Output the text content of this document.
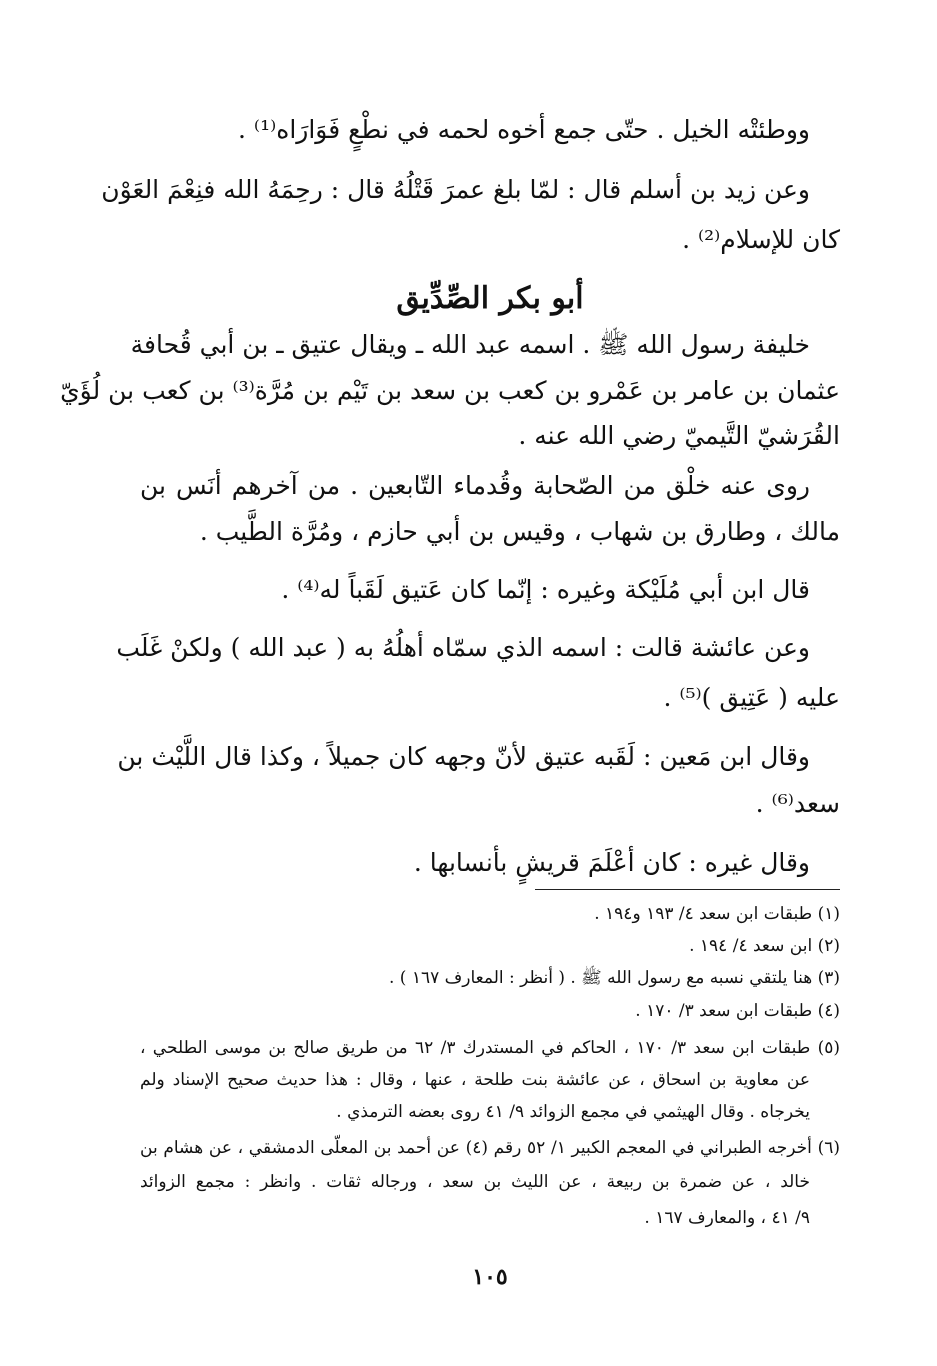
ووطئتْه الخيل . حتّى جمع أخوه لحمه في نطْعٍ فَوَارَاه⁽¹⁾ .
وعن زيد بن أسلم قال : لمّا بلغ عمرَ قَتْلُهُ قال : رحِمَهُ الله فنِعْمَ العَوْن
كان للإسلام⁽²⁾ .
أبو بكر الصِّدِّيق
خليفة رسول الله ﷺ . اسمه عبد الله ـ ويقال عتيق ـ بن أبي قُحافة
عثمان بن عامر بن عَمْرو بن كعب بن سعد بن تَيْم بن مُرَّة⁽³⁾ بن كعب بن لُؤَيّ
القُرَشيّ التَّيميّ رضي الله عنه .
روى عنه خلْق من الصّحابة وقُدماء التّابعين . من آخرهم أنَس بن
مالك ، وطارق بن شهاب ، وقيس بن أبي حازم ، ومُرَّة الطَّيب .
قال ابن أبي مُلَيْكة وغيره : إنّما كان عَتيق لَقَباً له⁽⁴⁾ .
وعن عائشة قالت : اسمه الذي سمّاه أهلُهُ به ( عبد الله ) ولكنْ غَلَب
عليه ( عَتِيق )⁽⁵⁾ .
وقال ابن مَعين : لَقَبه عتيق لأنّ وجهه كان جميلاً ، وكذا قال اللَّيْث بن
سعد⁽⁶⁾ .
وقال غيره : كان أعْلَمَ قريشٍ بأنسابها .
(١) طبقات ابن سعد ٤/ ١٩٣ و١٩٤ .
(٢) ابن سعد ٤/ ١٩٤ .
(٣) هنا يلتقي نسبه مع رسول الله ﷺ . ( أنظر : المعارف ١٦٧ ) .
(٤) طبقات ابن سعد ٣/ ١٧٠ .
(٥) طبقات ابن سعد ٣/ ١٧٠ ، الحاكم في المستدرك ٣/ ٦٢ من طريق صالح بن موسى الطلحي ،
عن معاوية بن اسحاق ، عن عائشة بنت طلحة ، عنها ، وقال : هذا حديث صحيح الإسناد ولم
يخرجاه . وقال الهيثمي في مجمع الزوائد ٩/ ٤١ روى بعضه الترمذي .
(٦) أخرجه الطبراني في المعجم الكبير ١/ ٥٢ رقم (٤) عن أحمد بن المعلّى الدمشقي ، عن هشام بن
خالد ، عن ضمرة بن ربيعة ، عن الليث بن سعد ، ورجاله ثقات . وانظر : مجمع الزوائد
٩/ ٤١ ، والمعارف ١٦٧ .
١٠٥
